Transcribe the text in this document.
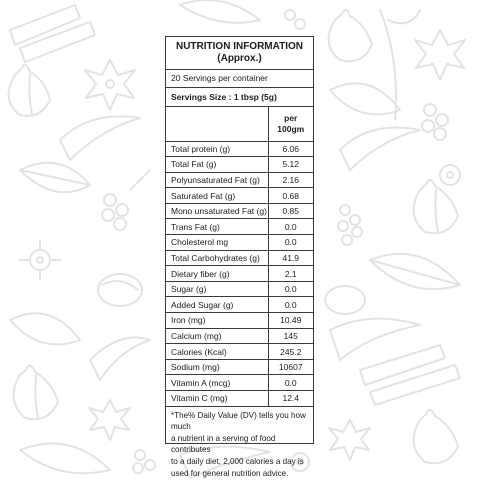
NUTRITION INFORMATION
(Approx.)
20 Servings per container
Servings Size : 1 tbsp (5g)
	per
100gm
Total protein (g)	6.06
Total Fat (g)	5.12
Polyunsaturated Fat (g)	2.16
Saturated Fat (g)	0.68
Mono unsaturated Fat (g)	0.85
Trans Fat (g)	0.0
Cholesterol mg	0.0
Total Carbohydrates (g)	41.9
Dietary fiber (g)	2.1
Sugar (g)	0.0
Added Sugar (g)	0.0
Iron (mg)	10.49
Calcium (mg)	145
Calories (Kcal)	245.2
Sodium (mg)	10607
Vitamin A (mcg)	0.0
Vitamin C (mg)	12.4
*The% Daily Value (DV) tells you how much
a nutrient in a serving of food contributes
to a daily diet, 2,000 calories a day is
used for general nutrition advice.
